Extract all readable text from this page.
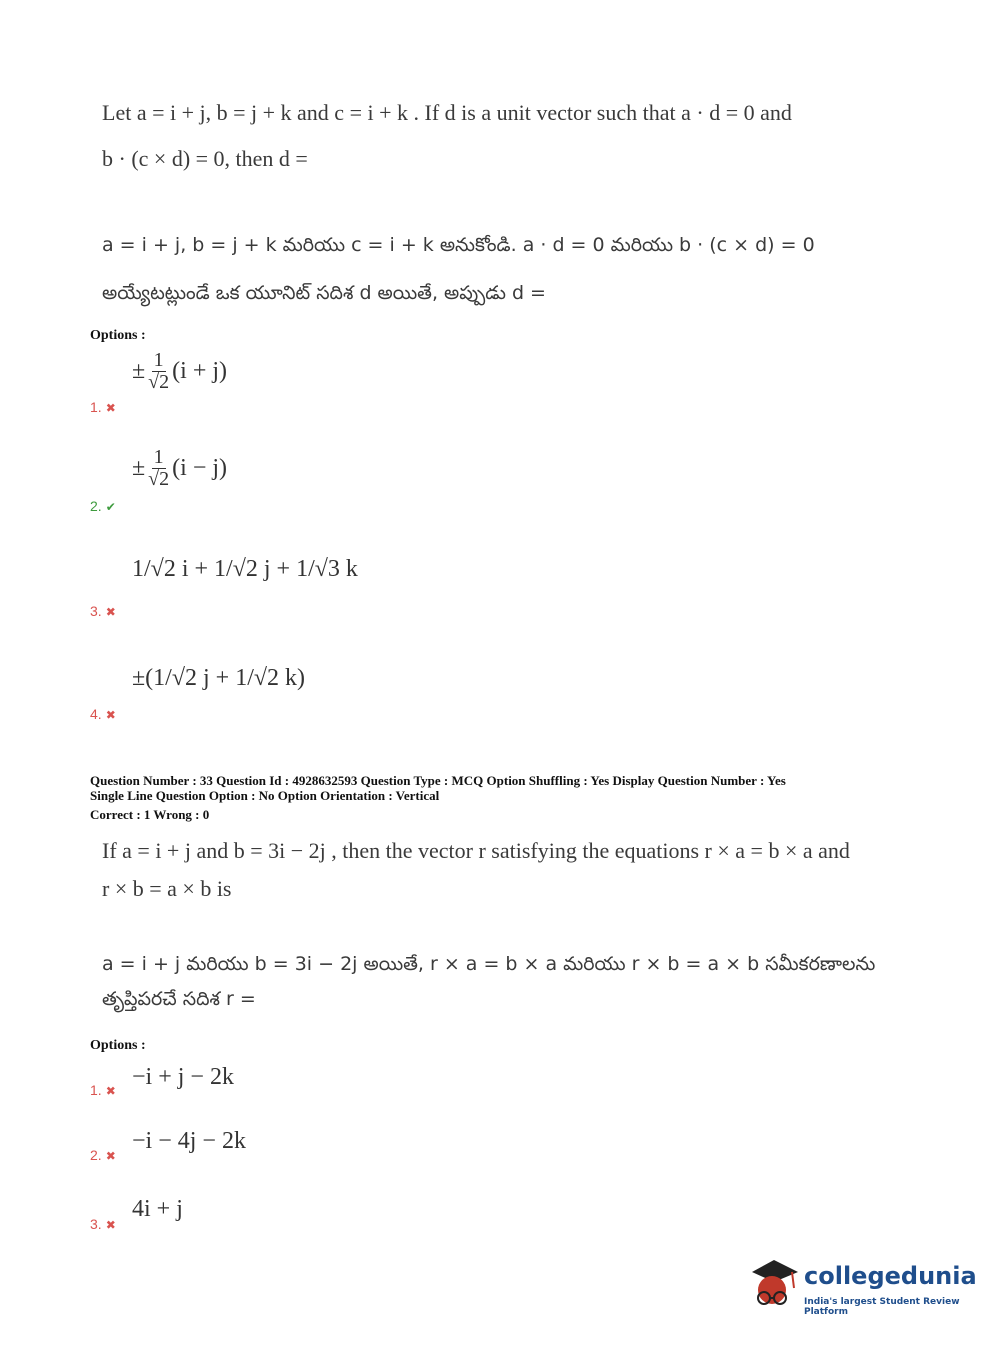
Let a = i + j, b = j + k and c = i + k . If d is a unit vector such that a · d = 0 and
b · (c × d) = 0, then d =
a = i + j, b = j + k మరియు c = i + k అనుకోండి. a · d = 0 మరియు b · (c × d) = 0
అయ్యేటట్లుండే ఒక యూనిట్ సదిశ d అయితే, అప్పుడు d =
Options :
± $\frac{1}{√2} (i + j)$
1. ✖
± $\frac{1}{√2} (i - j)$
2. ✔
1/√2 i + 1/√2 j + 1/√3 k
3. ✖
±(1/√2 j + 1/√2 k)
4. ✖
Question Number : 33 Question Id : 4928632593 Question Type : MCQ Option Shuffling : Yes Display Question Number : Yes
Single Line Question Option : No Option Orientation : Vertical
Correct : 1 Wrong : 0
If a = i + j and b = 3i − 2j , then the vector r satisfying the equations r × a = b × a and
r × b = a × b is
a = i + j మరియు b = 3i − 2j అయితే, r × a = b × a మరియు r × b = a × b సమీకరణాలను
తృప్తిపరచే సదిశ r =
Options :
−i + j − 2k
1. ✖
−i − 4j − 2k
2. ✖
4i + j
3. ✖
collegedunia
India's largest Student Review Platform
